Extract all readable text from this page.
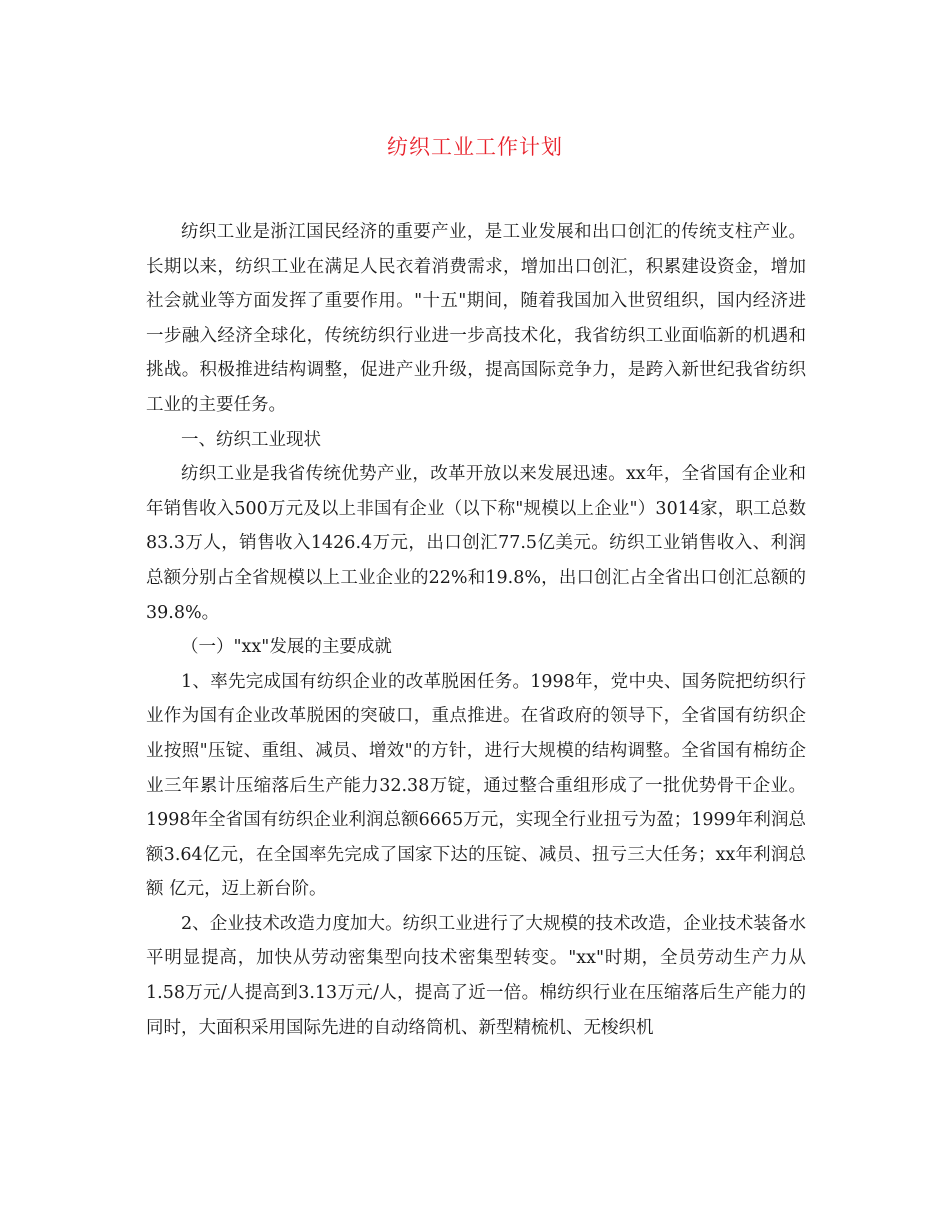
纺织工业工作计划

纺织工业是浙江国民经济的重要产业，是工业发展和出口创汇的传统支柱产业。长期以来，纺织工业在满足人民衣着消费需求，增加出口创汇，积累建设资金，增加社会就业等方面发挥了重要作用。"十五"期间，随着我国加入世贸组织，国内经济进一步融入经济全球化，传统纺织行业进一步高技术化，我省纺织工业面临新的机遇和挑战。积极推进结构调整，促进产业升级，提高国际竞争力，是跨入新世纪我省纺织工业的主要任务。

一、纺织工业现状

纺织工业是我省传统优势产业，改革开放以来发展迅速。xx年，全省国有企业和年销售收入500万元及以上非国有企业（以下称"规模以上企业"）3014家，职工总数83.3万人，销售收入1426.4万元，出口创汇77.5亿美元。纺织工业销售收入、利润总额分别占全省规模以上工业企业的22%和19.8%，出口创汇占全省出口创汇总额的39.8%。

（一）"xx"发展的主要成就

1、率先完成国有纺织企业的改革脱困任务。1998年，党中央、国务院把纺织行业作为国有企业改革脱困的突破口，重点推进。在省政府的领导下，全省国有纺织企业按照"压锭、重组、减员、增效"的方针，进行大规模的结构调整。全省国有棉纺企业三年累计压缩落后生产能力32.38万锭，通过整合重组形成了一批优势骨干企业。1998年全省国有纺织企业利润总额6665万元，实现全行业扭亏为盈；1999年利润总额3.64亿元，在全国率先完成了国家下达的压锭、减员、扭亏三大任务；xx年利润总额 亿元，迈上新台阶。

2、企业技术改造力度加大。纺织工业进行了大规模的技术改造，企业技术装备水平明显提高，加快从劳动密集型向技术密集型转变。"xx"时期，全员劳动生产力从1.58万元/人提高到3.13万元/人，提高了近一倍。棉纺织行业在压缩落后生产能力的同时，大面积采用国际先进的自动络筒机、新型精梳机、无梭织机
